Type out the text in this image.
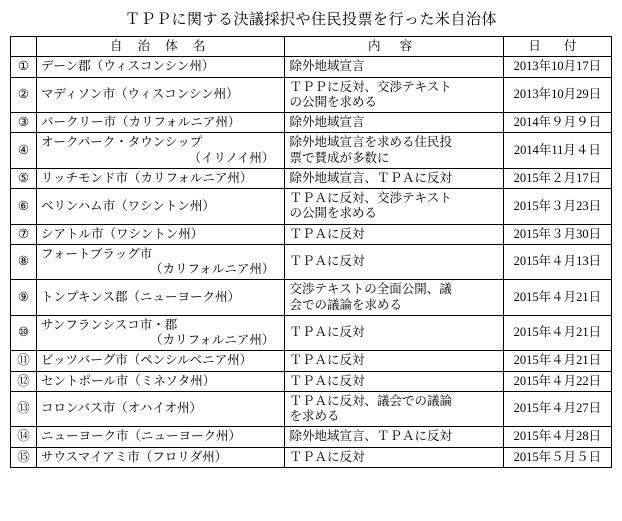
ＴＰＰに関する決議採択や住民投票を行った米自治体
	自 治 体 名	内 容	日 付
①	デーン郡（ウィスコンシン州）	除外地域宣言	2013年10月17日
②	マディソン市（ウィスコンシン州）	ＴＰＰに反対、交渉テキスト
の公開を求める	2013年10月29日
③	バークリー市（カリフォルニア州）	除外地域宣言	2014年９月９日
④	オークパーク・タウンシップ
（イリノイ州）	除外地域宣言を求める住民投
票で賛成が多数に	2014年11月４日
⑤	リッチモンド市（カリフォルニア州）	除外地域宣言、ＴＰＡに反対	2015年２月17日
⑥	ベリンハム市（ワシントン州）	ＴＰＡに反対、交渉テキスト
の公開を求める	2015年３月23日
⑦	シアトル市（ワシントン州）	ＴＰＡに反対	2015年３月30日
⑧	フォートブラッグ市
（カリフォルニア州）	ＴＰＡに反対	2015年４月13日
⑨	トンプキンス郡（ニューヨーク州）	交渉テキストの全面公開、議
会での議論を求める	2015年４月21日
⑩	サンフランシスコ市・郡
（カリフォルニア州）	ＴＰＡに反対	2015年４月21日
⑪	ピッツバーグ市（ペンシルベニア州）	ＴＰＡに反対	2015年４月21日
⑫	セントポール市（ミネソタ州）	ＴＰＡに反対	2015年４月22日
⑬	コロンバス市（オハイオ州）	ＴＰＡに反対、議会での議論
を求める	2015年４月27日
⑭	ニューヨーク市（ニューヨーク州）	除外地域宣言、ＴＰＡに反対	2015年４月28日
⑮	サウスマイアミ市（フロリダ州）	ＴＰＡに反対	2015年５月５日
